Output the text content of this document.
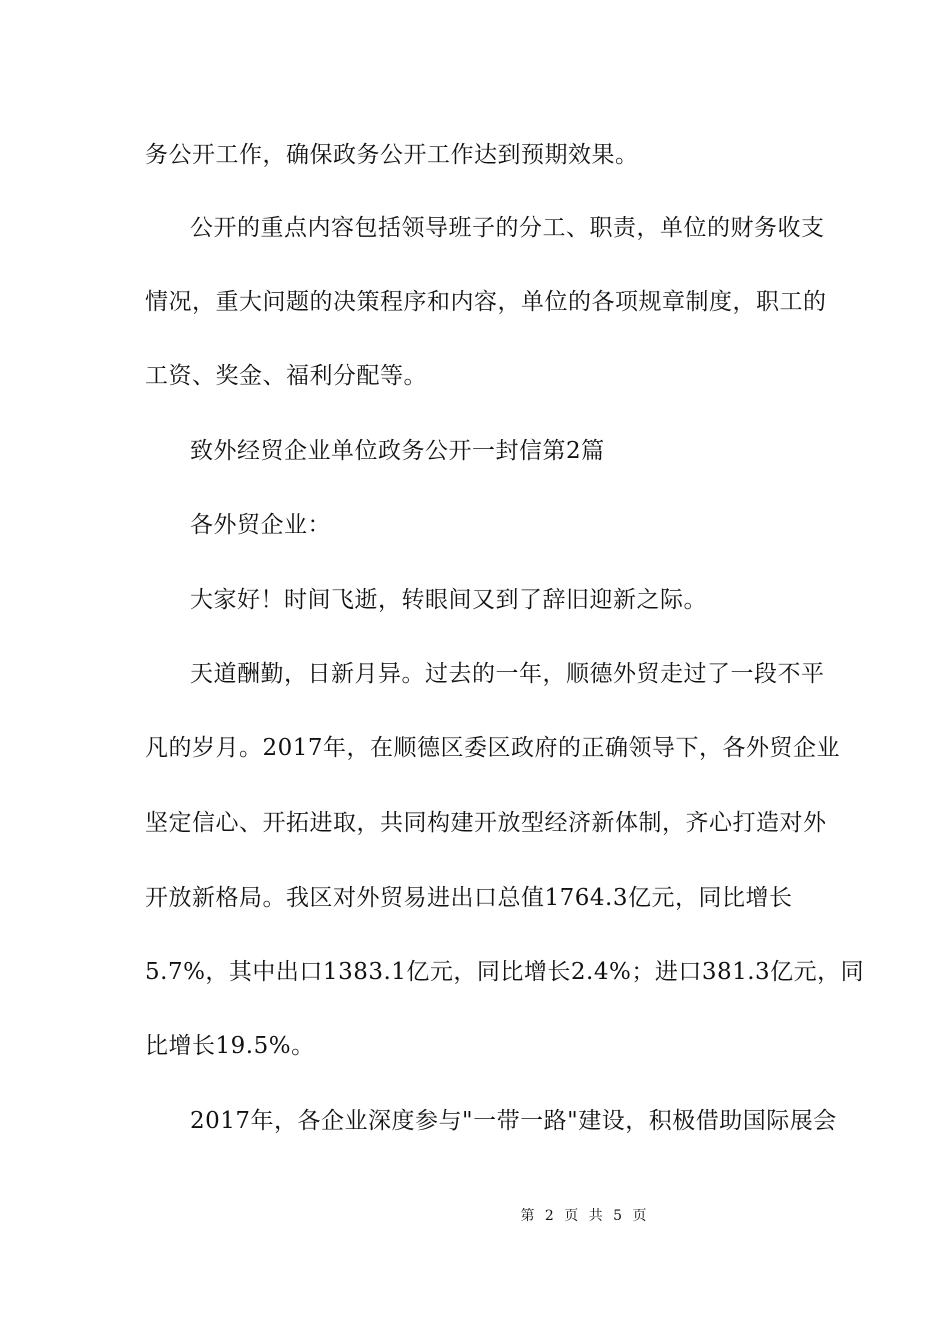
务公开工作，确保政务公开工作达到预期效果。
公开的重点内容包括领导班子的分工、职责，单位的财务收支
情况，重大问题的决策程序和内容，单位的各项规章制度，职工的
工资、奖金、福利分配等。
致外经贸企业单位政务公开一封信第2篇
各外贸企业：
大家好！时间飞逝，转眼间又到了辞旧迎新之际。
天道酬勤，日新月异。过去的一年，顺德外贸走过了一段不平
凡的岁月。2017年，在顺德区委区政府的正确领导下，各外贸企业
坚定信心、开拓进取，共同构建开放型经济新体制，齐心打造对外
开放新格局。我区对外贸易进出口总值1764.3亿元，同比增长
5.7%，其中出口1383.1亿元，同比增长2.4%；进口381.3亿元，同
比增长19.5%。
2017年，各企业深度参与"一带一路"建设，积极借助国际展会
第 2 页 共 5 页
